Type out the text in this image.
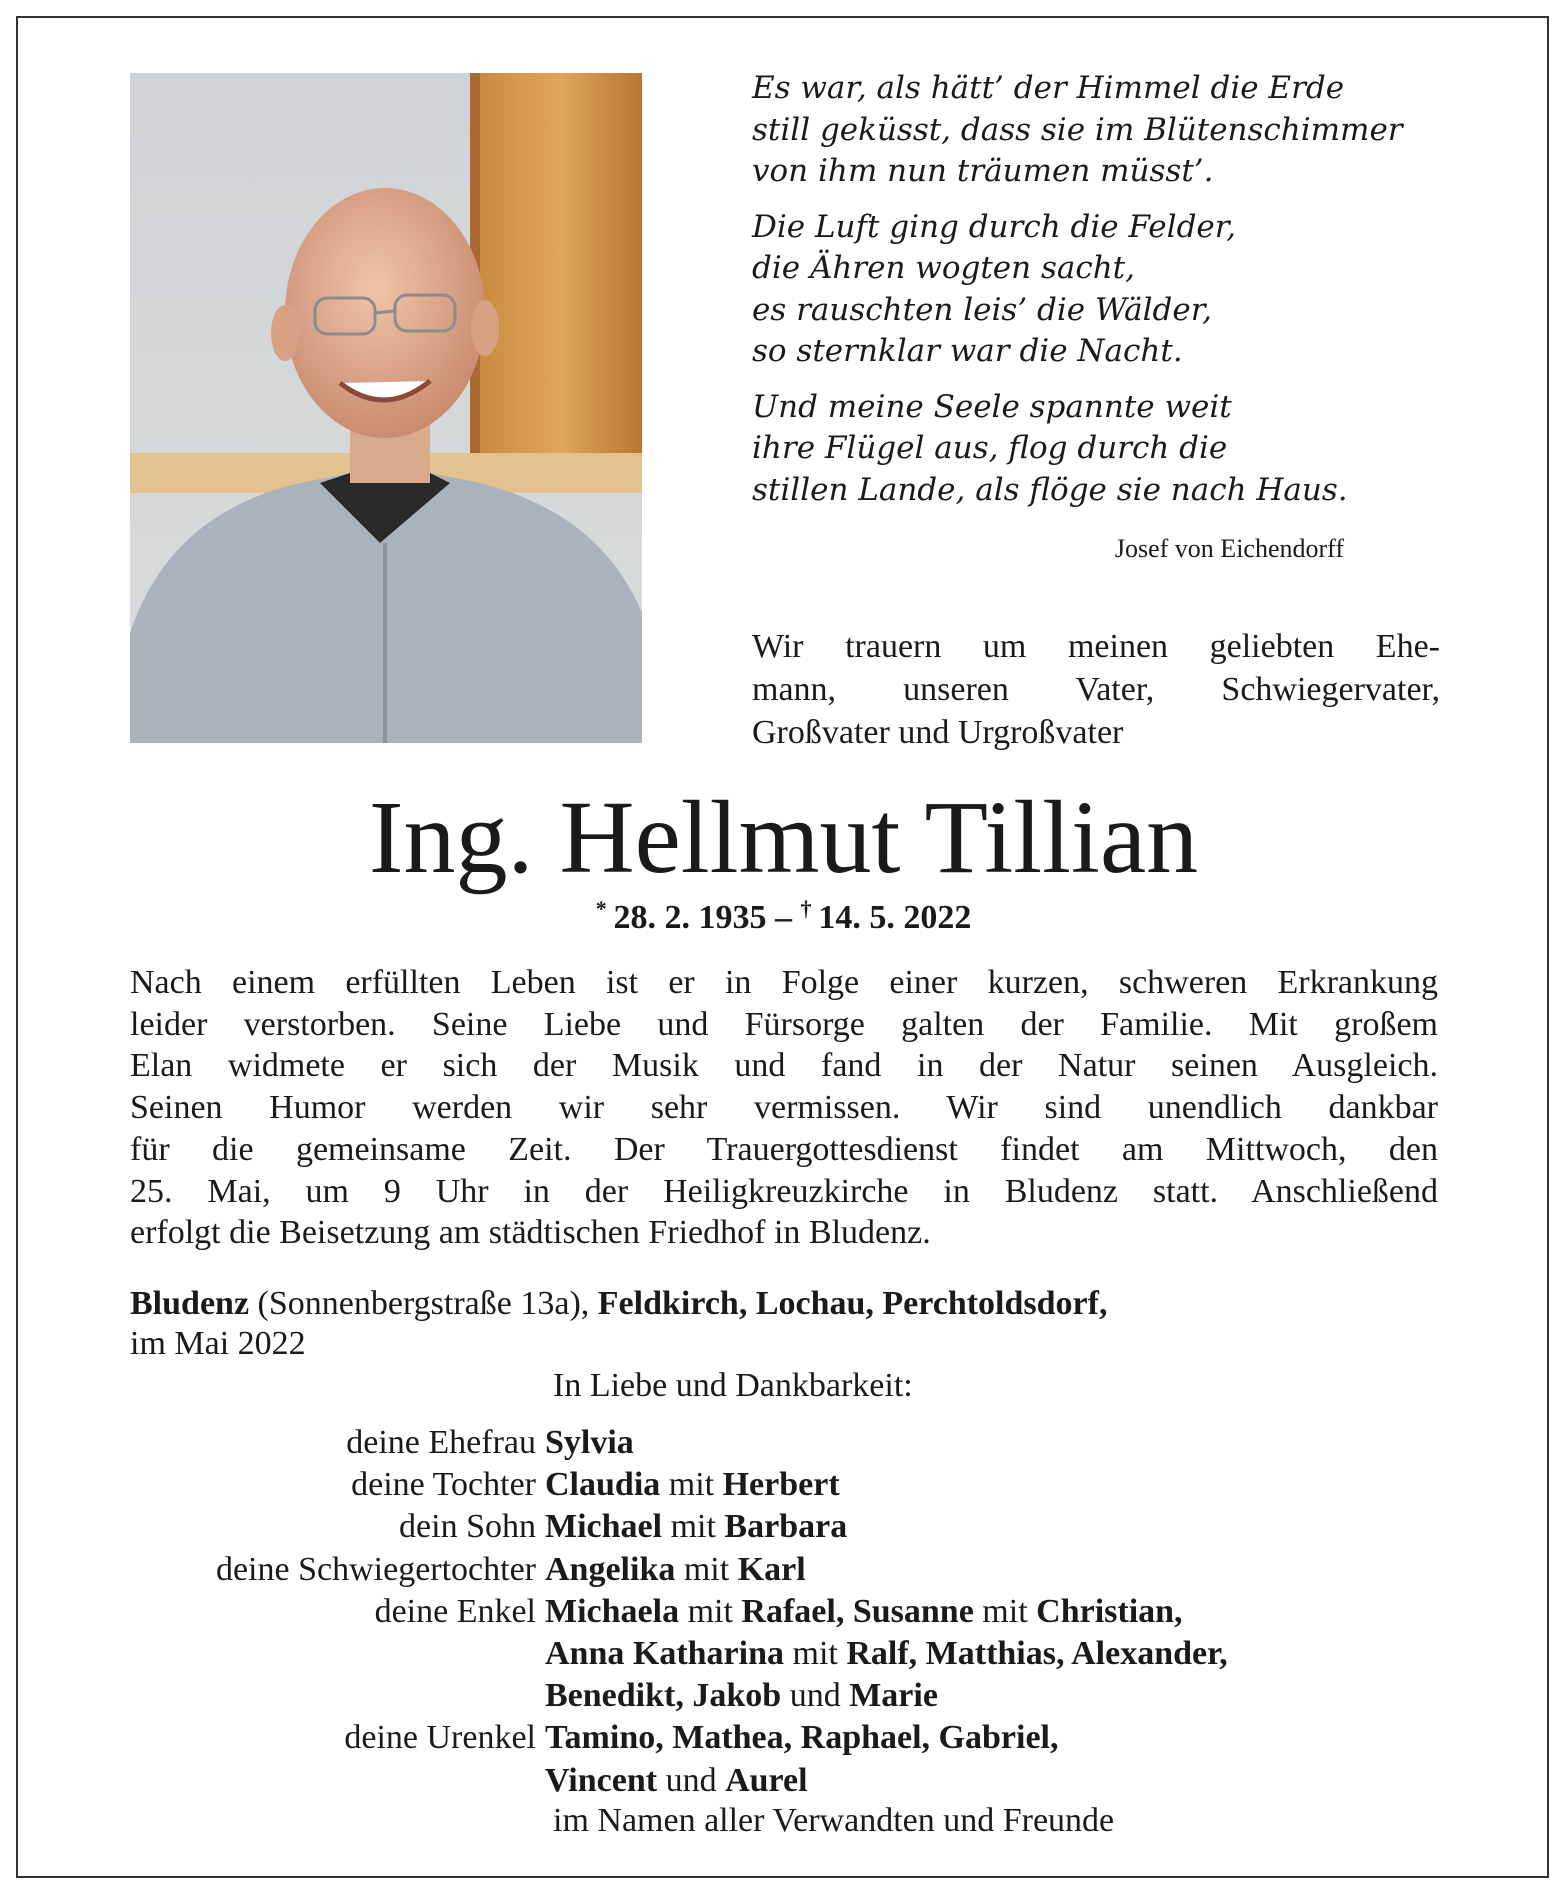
Es war, als hätt’ der Himmel die Erde
still geküsst, dass sie im Blütenschimmer
von ihm nun träumen müsst’.
Die Luft ging durch die Felder,
die Ähren wogten sacht,
es rauschten leis’ die Wälder,
so sternklar war die Nacht.
Und meine Seele spannte weit
ihre Flügel aus, flog durch die
stillen Lande, als flöge sie nach Haus.
Josef von Eichendorff
Wir trauern um meinen geliebten Ehe-
mann, unseren Vater, Schwiegervater,
Großvater und Urgroßvater
Ing. Hellmut Tillian
*  28. 2. 1935 – †  14. 5. 2022
Nach einem erfüllten Leben ist er in Folge einer kurzen, schweren Erkrankung
leider verstorben. Seine Liebe und Fürsorge galten der Familie. Mit großem
Elan widmete er sich der Musik und fand in der Natur seinen Ausgleich.
Seinen Humor werden wir sehr vermissen. Wir sind unendlich dankbar
für die gemeinsame Zeit. Der Trauergottesdienst findet am Mittwoch, den
25. Mai, um 9 Uhr in der Heiligkreuzkirche in Bludenz statt. Anschließend
erfolgt die Beisetzung am städtischen Friedhof in Bludenz.
Bludenz (Sonnenbergstraße 13a), Feldkirch, Lochau, Perchtoldsdorf,
im Mai 2022
In Liebe und Dankbarkeit:
deine Ehefrau Sylvia
deine Tochter Claudia mit Herbert
dein Sohn Michael mit Barbara
deine Schwiegertochter Angelika mit Karl
deine Enkel Michaela mit Rafael, Susanne mit Christian,
Anna Katharina mit Ralf, Matthias, Alexander,
Benedikt, Jakob und Marie
deine Urenkel Tamino, Mathea, Raphael, Gabriel,
Vincent und Aurel
im Namen aller Verwandten und Freunde
